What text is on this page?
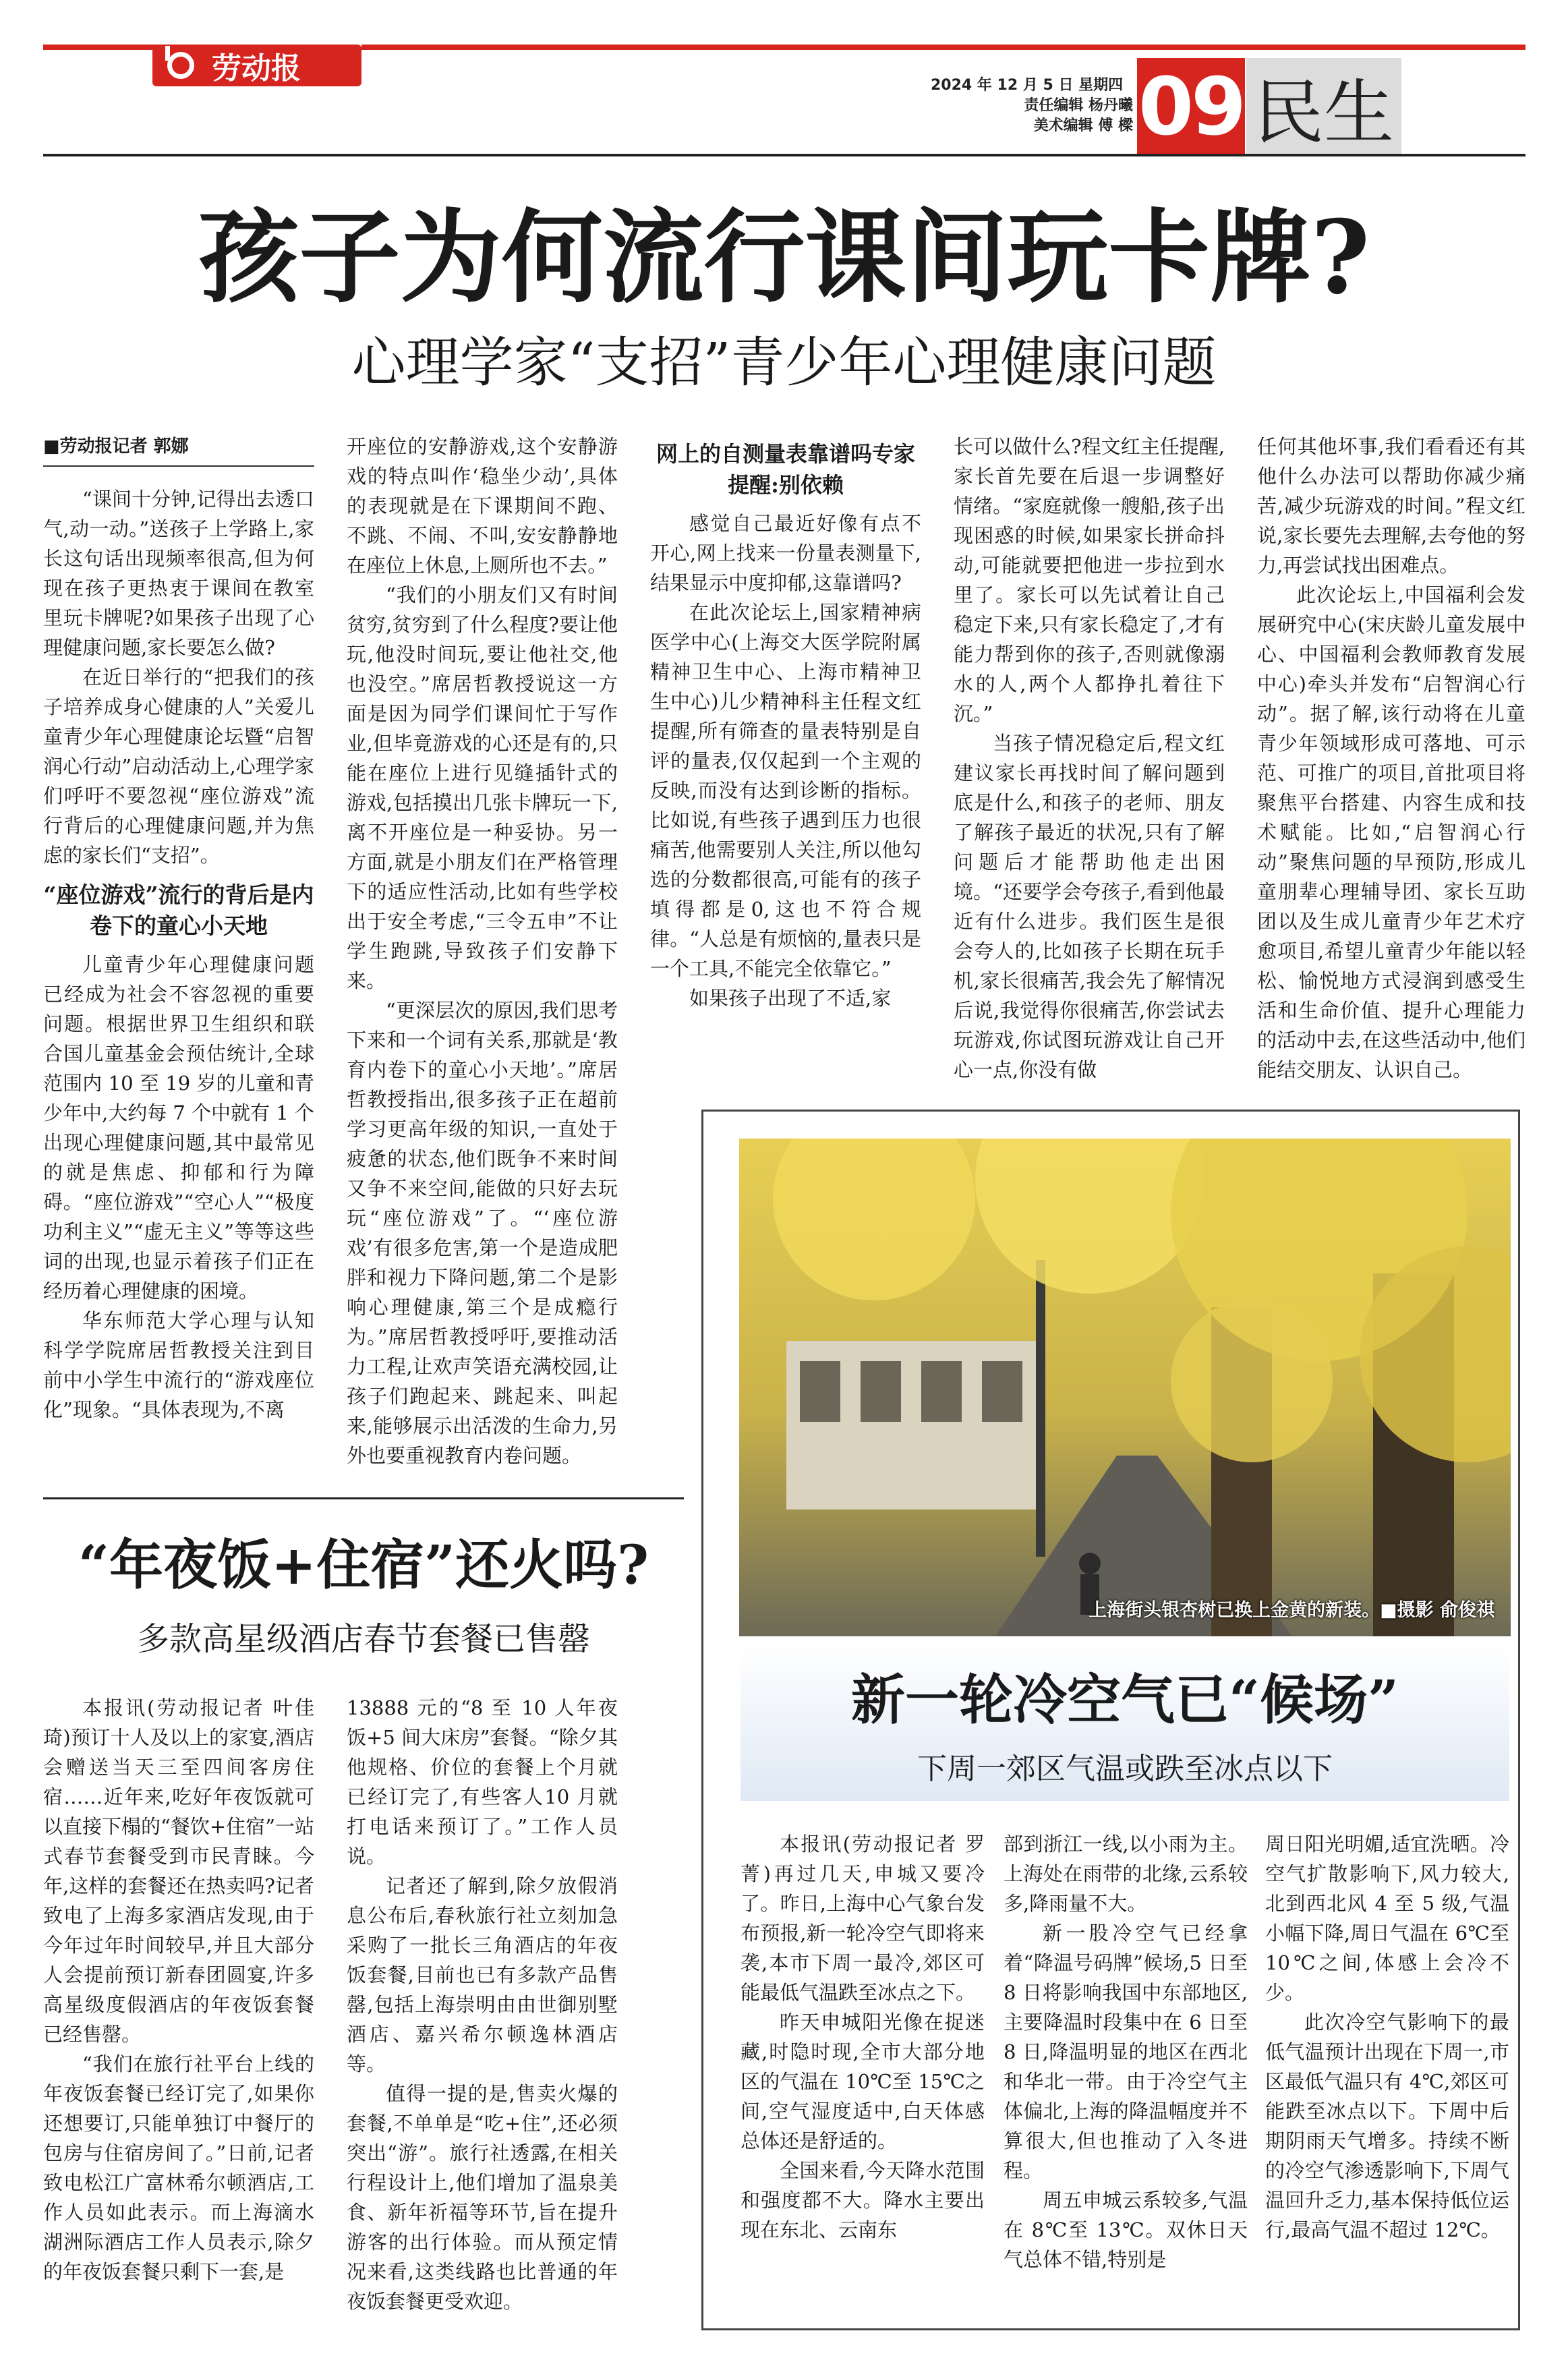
劳动报	2024 年 12 月 5 日 星期四
责任编辑 杨丹曦
美术编辑 傅 樑 09 民生
孩子为何流行课间玩卡牌?
心理学家“支招”青少年心理健康问题
■劳动报记者 郭娜

“课间十分钟,记得出去透口气,动一动。”送孩子上学路上,家长这句话出现频率很高,但为何现在孩子更热衷于课间在教室里玩卡牌呢?如果孩子出现了心理健康问题,家长要怎么做?

在近日举行的“把我们的孩子培养成身心健康的人”关爱儿童青少年心理健康论坛暨“启智润心行动”启动活动上,心理学家们呼吁不要忽视“座位游戏”流行背后的心理健康问题,并为焦虑的家长们“支招”。

“座位游戏”流行的背后是内卷下的童心小天地

儿童青少年心理健康问题已经成为社会不容忽视的重要问题。根据世界卫生组织和联合国儿童基金会预估统计,全球范围内 10 至 19 岁的儿童和青少年中,大约每 7 个中就有 1 个出现心理健康问题,其中最常见的就是焦虑、抑郁和行为障碍。“座位游戏”“空心人”“极度功利主义”“虚无主义”等等这些词的出现,也显示着孩子们正在经历着心理健康的困境。

华东师范大学心理与认知科学学院席居哲教授关注到目前中小学生中流行的“游戏座位化”现象。“具体表现为,不离

开座位的安静游戏,这个安静游戏的特点叫作‘稳坐少动’,具体的表现就是在下课期间不跑、不跳、不闹、不叫,安安静静地在座位上休息,上厕所也不去。”

“我们的小朋友们又有时间贫穷,贫穷到了什么程度?要让他玩,他没时间玩,要让他社交,他也没空。”席居哲教授说这一方面是因为同学们课间忙于写作业,但毕竟游戏的心还是有的,只能在座位上进行见缝插针式的游戏,包括摸出几张卡牌玩一下,离不开座位是一种妥协。另一方面,就是小朋友们在严格管理下的适应性活动,比如有些学校出于安全考虑,“三令五申”不让学生跑跳,导致孩子们安静下来。

“更深层次的原因,我们思考下来和一个词有关系,那就是‘教育内卷下的童心小天地’。”席居哲教授指出,很多孩子正在超前学习更高年级的知识,一直处于疲惫的状态,他们既争不来时间又争不来空间,能做的只好去玩玩“座位游戏”了。“‘座位游戏’有很多危害,第一个是造成肥胖和视力下降问题,第二个是影响心理健康,第三个是成瘾行为。”席居哲教授呼吁,要推动活力工程,让欢声笑语充满校园,让孩子们跑起来、跳起来、叫起来,能够展示出活泼的生命力,另外也要重视教育内卷问题。

网上的自测量表靠谱吗专家提醒:别依赖

感觉自己最近好像有点不开心,网上找来一份量表测量下,结果显示中度抑郁,这靠谱吗?

在此次论坛上,国家精神病医学中心(上海交大医学院附属精神卫生中心、上海市精神卫生中心)儿少精神科主任程文红提醒,所有筛查的量表特别是自评的量表,仅仅起到一个主观的反映,而没有达到诊断的指标。比如说,有些孩子遇到压力也很痛苦,他需要别人关注,所以他勾选的分数都很高,可能有的孩子填得都是0,这也不符合规律。“人总是有烦恼的,量表只是一个工具,不能完全依靠它。”

如果孩子出现了不适,家

长可以做什么?程文红主任提醒,家长首先要在后退一步调整好情绪。“家庭就像一艘船,孩子出现困惑的时候,如果家长拼命抖动,可能就要把他进一步拉到水里了。家长可以先试着让自己稳定下来,只有家长稳定了,才有能力帮到你的孩子,否则就像溺水的人,两个人都挣扎着往下沉。”

当孩子情况稳定后,程文红建议家长再找时间了解问题到底是什么,和孩子的老师、朋友了解孩子最近的状况,只有了解问题后才能帮助他走出困境。“还要学会夸孩子,看到他最近有什么进步。我们医生是很会夸人的,比如孩子长期在玩手机,家长很痛苦,我会先了解情况后说,我觉得你很痛苦,你尝试去玩游戏,你试图玩游戏让自己开心一点,你没有做

任何其他坏事,我们看看还有其他什么办法可以帮助你减少痛苦,减少玩游戏的时间。”程文红说,家长要先去理解,去夸他的努力,再尝试找出困难点。

此次论坛上,中国福利会发展研究中心(宋庆龄儿童发展中心、中国福利会教师教育发展中心)牵头并发布“启智润心行动”。据了解,该行动将在儿童青少年领域形成可落地、可示范、可推广的项目,首批项目将聚焦平台搭建、内容生成和技术赋能。比如,“启智润心行动”聚焦问题的早预防,形成儿童朋辈心理辅导团、家长互助团以及生成儿童青少年艺术疗愈项目,希望儿童青少年能以轻松、愉悦地方式浸润到感受生活和生命价值、提升心理能力的活动中去,在这些活动中,他们能结交朋友、认识自己。

“年夜饭+住宿”还火吗?
多款高星级酒店春节套餐已售罄

本报讯(劳动报记者 叶佳琦)预订十人及以上的家宴,酒店会赠送当天三至四间客房住宿……近年来,吃好年夜饭就可以直接下榻的“餐饮+住宿”一站式春节套餐受到市民青睐。今年,这样的套餐还在热卖吗?记者致电了上海多家酒店发现,由于今年过年时间较早,并且大部分人会提前预订新春团圆宴,许多高星级度假酒店的年夜饭套餐已经售罄。

“我们在旅行社平台上线的年夜饭套餐已经订完了,如果你还想要订,只能单独订中餐厅的包房与住宿房间了。”日前,记者致电松江广富林希尔顿酒店,工作人员如此表示。而上海滴水湖洲际酒店工作人员表示,除夕的年夜饭套餐只剩下一套,是

13888 元的“8 至 10 人年夜饭+5 间大床房”套餐。“除夕其他规格、价位的套餐上个月就已经订完了,有些客人10 月就打电话来预订了。”工作人员说。

记者还了解到,除夕放假消息公布后,春秋旅行社立刻加急采购了一批长三角酒店的年夜饭套餐,目前也已有多款产品售罄,包括上海崇明由由世御别墅酒店、嘉兴希尔顿逸林酒店等。

值得一提的是,售卖火爆的套餐,不单单是“吃+住”,还必须突出“游”。旅行社透露,在相关行程设计上,他们增加了温泉美食、新年祈福等环节,旨在提升游客的出行体验。而从预定情况来看,这类线路也比普通的年夜饭套餐更受欢迎。

上海街头银杏树已换上金黄的新装。■摄影 俞俊祺
新一轮冷空气已“候场”
下周一郊区气温或跌至冰点以下

本报讯(劳动报记者 罗菁)再过几天,申城又要冷了。昨日,上海中心气象台发布预报,新一轮冷空气即将来袭,本市下周一最冷,郊区可能最低气温跌至冰点之下。

昨天申城阳光像在捉迷藏,时隐时现,全市大部分地区的气温在 10℃至 15℃之间,空气湿度适中,白天体感总体还是舒适的。

全国来看,今天降水范围和强度都不大。降水主要出现在东北、云南东

部到浙江一线,以小雨为主。上海处在雨带的北缘,云系较多,降雨量不大。

新一股冷空气已经拿着“降温号码牌”候场,5 日至 8 日将影响我国中东部地区,主要降温时段集中在 6 日至 8 日,降温明显的地区在西北和华北一带。由于冷空气主体偏北,上海的降温幅度并不算很大,但也推动了入冬进程。

周五申城云系较多,气温在 8℃至 13℃。双休日天气总体不错,特别是

周日阳光明媚,适宜洗晒。冷空气扩散影响下,风力较大,北到西北风 4 至 5 级,气温小幅下降,周日气温在 6℃至 10℃之间,体感上会冷不少。

此次冷空气影响下的最低气温预计出现在下周一,市区最低气温只有 4℃,郊区可能跌至冰点以下。下周中后期阴雨天气增多。持续不断的冷空气渗透影响下,下周气温回升乏力,基本保持低位运行,最高气温不超过 12℃。
